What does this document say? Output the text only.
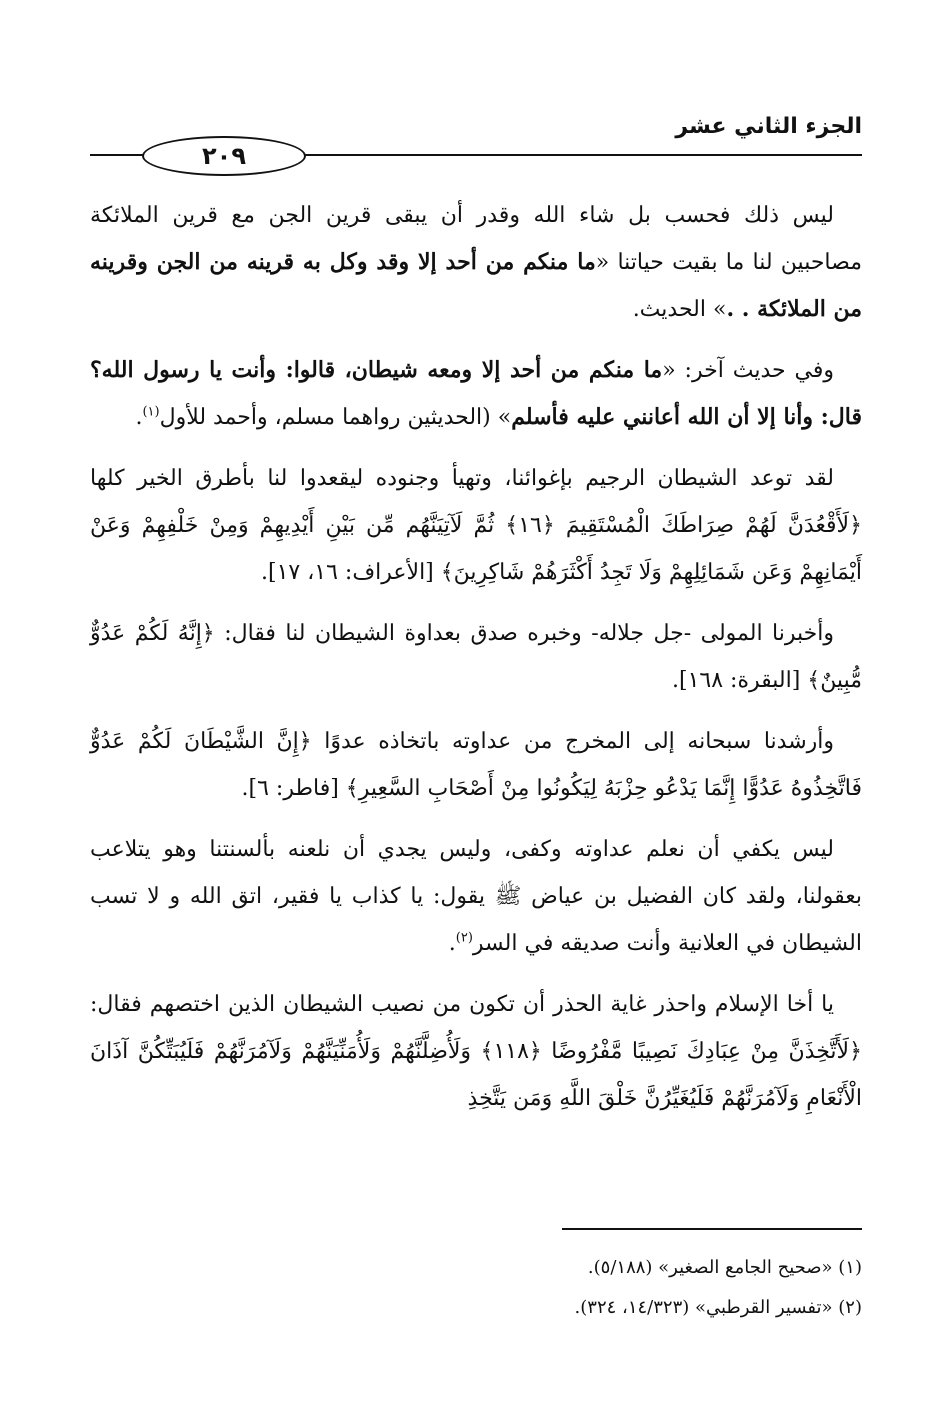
الجزء الثاني عشر
٢٠٩

ليس ذلك فحسب بل شاء الله وقدر أن يبقى قرين الجن مع قرين الملائكة مصاحبين لنا ما بقيت حياتنا «ما منكم من أحد إلا وقد وكل به قرينه من الجن وقرينه من الملائكة . .» الحديث.

وفي حديث آخر: «ما منكم من أحد إلا ومعه شيطان، قالوا: وأنت يا رسول الله؟ قال: وأنا إلا أن الله أعانني عليه فأسلم» (الحديثين رواهما مسلم، وأحمد للأول$^{(١)}$.

لقد توعد الشيطان الرجيم بإغوائنا، وتهيأ وجنوده ليقعدوا لنا بأطرق الخير كلها ﴿لَأَقْعُدَنَّ لَهُمْ صِرَاطَكَ الْمُسْتَقِيمَ ﴿١٦﴾ ثُمَّ لَآتِيَنَّهُم مِّن بَيْنِ أَيْدِيهِمْ وَمِنْ خَلْفِهِمْ وَعَنْ أَيْمَانِهِمْ وَعَن شَمَائِلِهِمْ وَلَا تَجِدُ أَكْثَرَهُمْ شَاكِرِينَ﴾ [الأعراف: ١٦، ١٧].

وأخبرنا المولى -جل جلاله- وخبره صدق بعداوة الشيطان لنا فقال: ﴿إِنَّهُ لَكُمْ عَدُوٌّ مُّبِينٌ﴾ [البقرة: ١٦٨].

وأرشدنا سبحانه إلى المخرج من عداوته باتخاذه عدوًا ﴿إِنَّ الشَّيْطَانَ لَكُمْ عَدُوٌّ فَاتَّخِذُوهُ عَدُوًّا إِنَّمَا يَدْعُو حِزْبَهُ لِيَكُونُوا مِنْ أَصْحَابِ السَّعِيرِ﴾ [فاطر: ٦].

ليس يكفي أن نعلم عداوته وكفى، وليس يجدي أن نلعنه بألسنتنا وهو يتلاعب بعقولنا، ولقد كان الفضيل بن عياض ﷺ يقول: يا كذاب يا فقير، اتق الله و لا تسب الشيطان في العلانية وأنت صديقه في السر$^{(٢)}$.

يا أخا الإسلام واحذر غاية الحذر أن تكون من نصيب الشيطان الذين اختصهم فقال: ﴿لَأَتَّخِذَنَّ مِنْ عِبَادِكَ نَصِيبًا مَّفْرُوضًا ﴿١١٨﴾ وَلَأُضِلَّنَّهُمْ وَلَأُمَنِّيَنَّهُمْ وَلَآمُرَنَّهُمْ فَلَيُبَتِّكُنَّ آذَانَ الْأَنْعَامِ وَلَآمُرَنَّهُمْ فَلَيُغَيِّرُنَّ خَلْقَ اللَّهِ وَمَن يَتَّخِذِ

(١) «صحيح الجامع الصغير» (٥/١٨٨).
(٢) «تفسير القرطبي» (١٤/٣٢٣، ٣٢٤).
